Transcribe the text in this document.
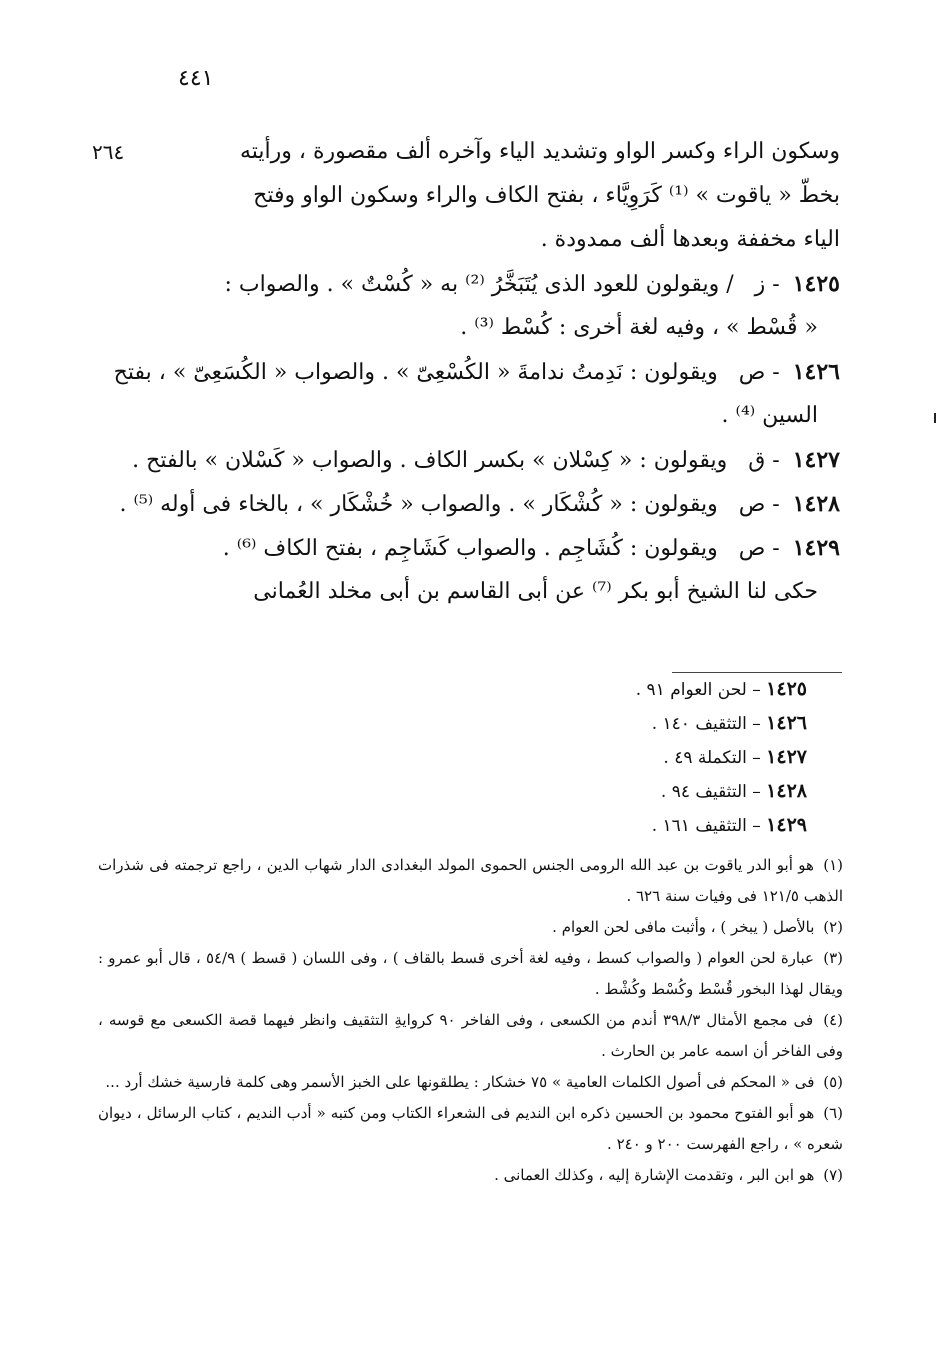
٤٤١
٢٦٤	وسكون الراء وكسر الواو وتشديد الياء وآخره ألف مقصورة ، ورأيته
بخطّ « ياقوت » ⁽¹⁾ كَرَوِيَّاء ، بفتح الكاف والراء وسكون الواو وفتح
الياء مخففة وبعدها ألف ممدودة .
١٤٢٥ - ز / ويقولون للعود الذى يُتَبَخَّرُ ⁽²⁾ به « كُسْتٌ » . والصواب :
« قُسْط » ، وفيه لغة أخرى : كُسْط ⁽³⁾ .
١٤٢٦ - ص ويقولون : نَدِمتُ ندامةَ « الكُسْعِىّ » . والصواب « الكُسَعِىّ » ، بفتح
السين ⁽⁴⁾ .
١٤٢٧ - ق ويقولون : « كِسْلان » بكسر الكاف . والصواب « كَسْلان » بالفتح .
١٤٢٨ - ص ويقولون : « كُشْكَار » . والصواب « خُشْكَار » ، بالخاء فى أوله ⁽⁵⁾ .
١٤٢٩ - ص ويقولون : كُشَاجِم . والصواب كَشَاجِم ، بفتح الكاف ⁽⁶⁾ .
حكى لنا الشيخ أبو بكر ⁽⁷⁾ عن أبى القاسم بن أبى مخلد العُمانى
١٤٢٥ – لحن العوام ٩١ .
١٤٢٦ – التثقيف ١٤٠ .
١٤٢٧ – التكملة ٤٩ .
١٤٢٨ – التثقيف ٩٤ .
١٤٢٩ – التثقيف ١٦١ .

(١) هو أبو الدر ياقوت بن عبد الله الرومى الجنس الحموى المولد البغدادى الدار شهاب الدين ، راجع ترجمته فى شذرات الذهب ١٢١/٥ فى وفيات سنة ٦٢٦ .

(٢) بالأصل ( يبخر ) ، وأثبت مافى لحن العوام .

(٣) عبارة لحن العوام ( والصواب كسط ، وفيه لغة أخرى قسط بالقاف ) ، وفى اللسان ( قسط ) ٥٤/٩ ، قال أبو عمرو : ويقال لهذا البخور قُسْط وكُسْط وكُشْط .

(٤) فى مجمع الأمثال ٣٩٨/٣ أندم من الكسعى ، وفى الفاخر ٩٠ كروايةِ التثقيف وانظر فيهما قصة الكسعى مع قوسه ، وفى الفاخر أن اسمه عامر بن الحارث .

(٥) فى « المحكم فى أصول الكلمات العامية » ٧٥ خشكار : يطلقونها على الخبز الأسمر وهى كلمة فارسية خشك أرد ...

(٦) هو أبو الفتوح محمود بن الحسين ذكره ابن النديم فى الشعراء الكتاب ومن كتبه « أدب النديم ، كتاب الرسائل ، ديوان شعره » ، راجع الفهرست ٢٠٠ و ٢٤٠ .

(٧) هو ابن البر ، وتقدمت الإشارة إليه ، وكذلك العمانى .
